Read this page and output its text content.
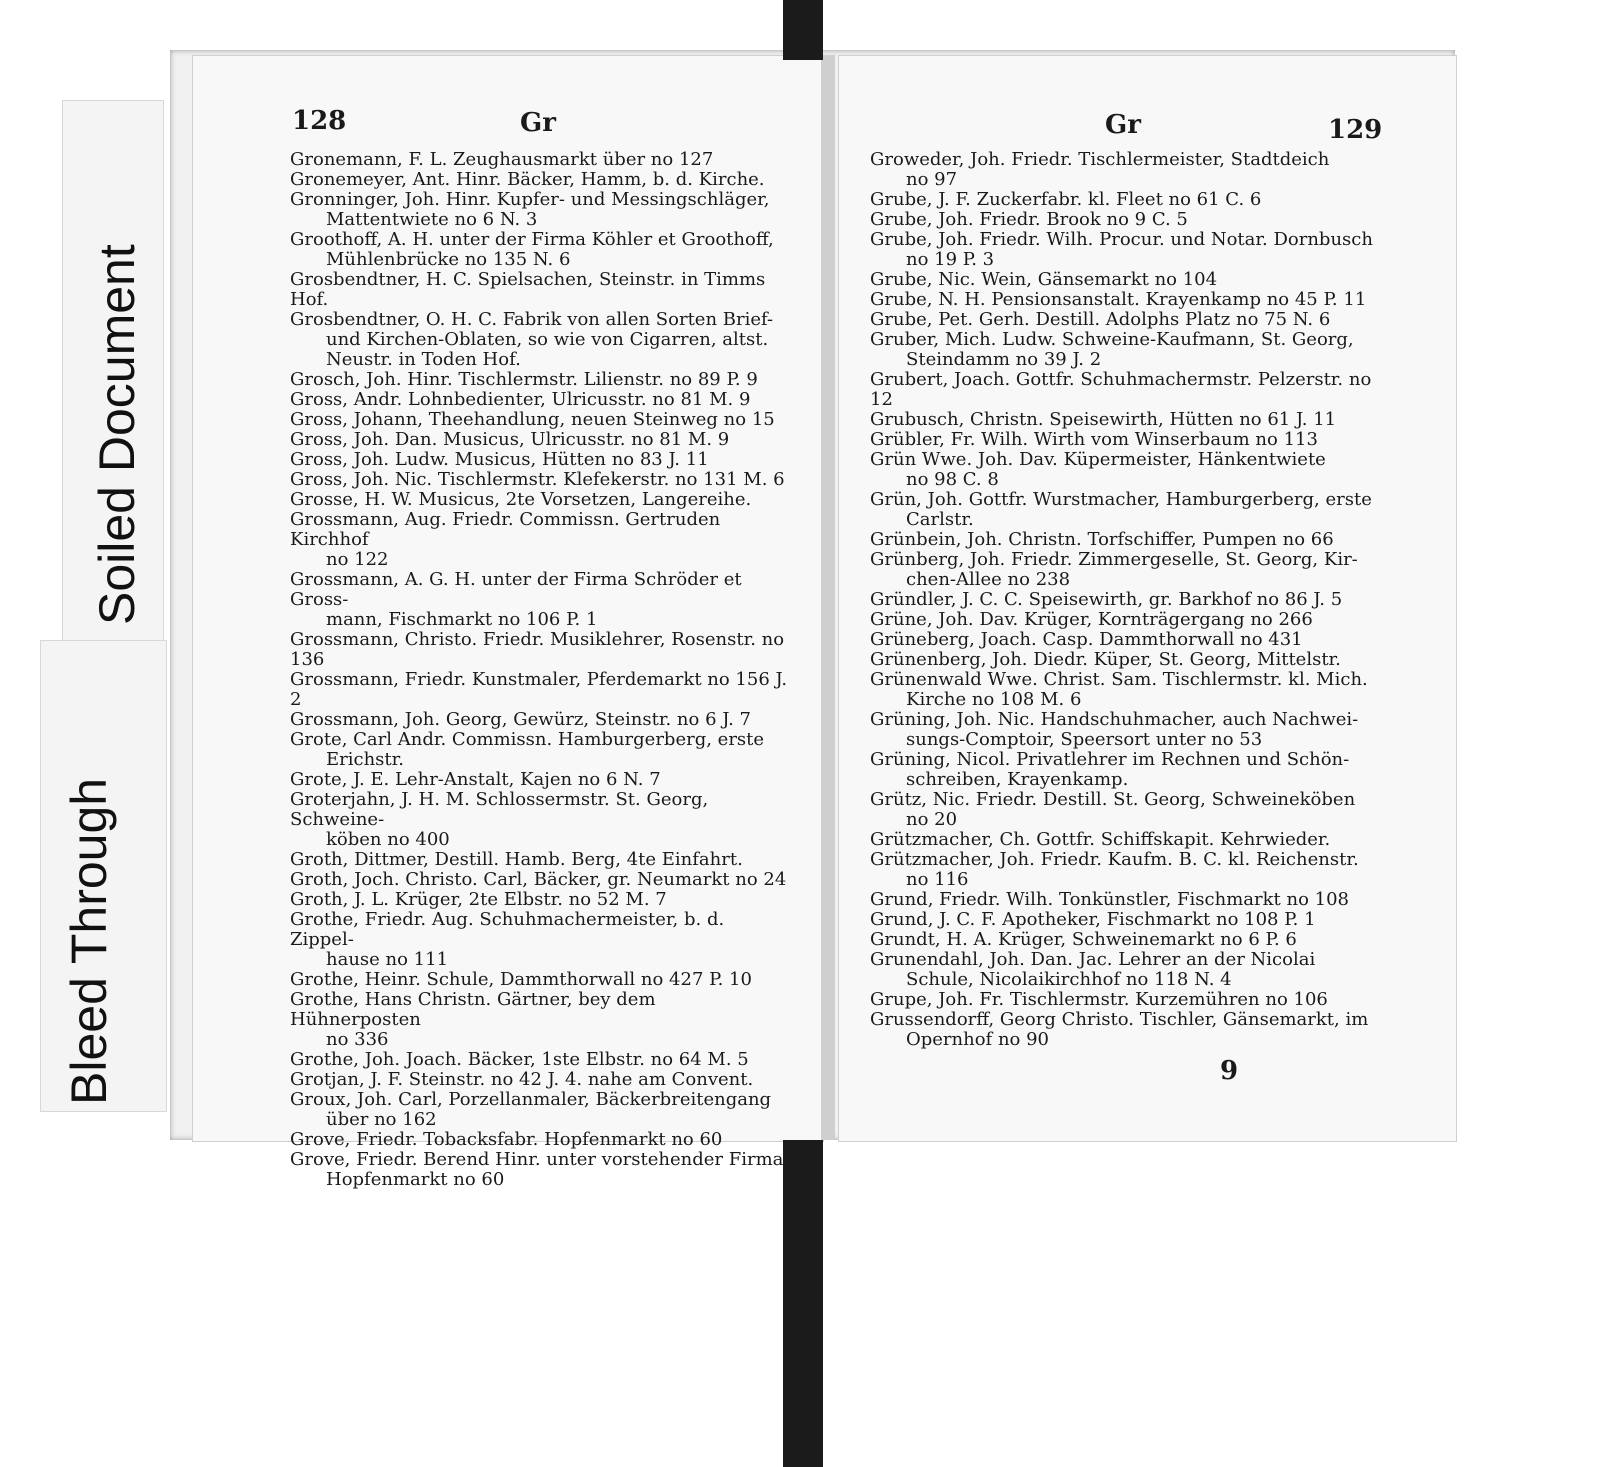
Bleed Through
Soiled Document
128	Gr	Gr	129

Gronemann, F. L. Zeughausmarkt über no 127

Gronemeyer, Ant. Hinr. Bäcker, Hamm, b. d. Kirche.

Gronninger, Joh. Hinr. Kupfer- und Messingschläger,
Mattentwiete no 6 N. 3

Groothoff, A. H. unter der Firma Köhler et Groothoff,
Mühlenbrücke no 135 N. 6

Grosbendtner, H. C. Spielsachen, Steinstr. in Timms Hof.

Grosbendtner, O. H. C. Fabrik von allen Sorten Brief-
und Kirchen-Oblaten, so wie von Cigarren, altst.
Neustr. in Toden Hof.

Grosch, Joh. Hinr. Tischlermstr. Lilienstr. no 89 P. 9

Gross, Andr. Lohnbedienter, Ulricusstr. no 81 M. 9

Gross, Johann, Theehandlung, neuen Steinweg no 15

Gross, Joh. Dan. Musicus, Ulricusstr. no 81 M. 9

Gross, Joh. Ludw. Musicus, Hütten no 83 J. 11

Gross, Joh. Nic. Tischlermstr. Klefekerstr. no 131 M. 6

Grosse, H. W. Musicus, 2te Vorsetzen, Langereihe.

Grossmann, Aug. Friedr. Commissn. Gertruden Kirchhof
no 122

Grossmann, A. G. H. unter der Firma Schröder et Gross-
mann, Fischmarkt no 106 P. 1

Grossmann, Christo. Friedr. Musiklehrer, Rosenstr. no 136

Grossmann, Friedr. Kunstmaler, Pferdemarkt no 156 J. 2

Grossmann, Joh. Georg, Gewürz, Steinstr. no 6 J. 7

Grote, Carl Andr. Commissn. Hamburgerberg, erste
Erichstr.

Grote, J. E. Lehr-Anstalt, Kajen no 6 N. 7

Groterjahn, J. H. M. Schlossermstr. St. Georg, Schweine-
köben no 400

Groth, Dittmer, Destill. Hamb. Berg, 4te Einfahrt.

Groth, Joch. Christo. Carl, Bäcker, gr. Neumarkt no 24

Groth, J. L. Krüger, 2te Elbstr. no 52 M. 7

Grothe, Friedr. Aug. Schuhmachermeister, b. d. Zippel-
hause no 111

Grothe, Heinr. Schule, Dammthorwall no 427 P. 10

Grothe, Hans Christn. Gärtner, bey dem Hühnerposten
no 336

Grothe, Joh. Joach. Bäcker, 1ste Elbstr. no 64 M. 5

Grotjan, J. F. Steinstr. no 42 J. 4. nahe am Convent.

Groux, Joh. Carl, Porzellanmaler, Bäckerbreitengang
über no 162

Grove, Friedr. Tobacksfabr. Hopfenmarkt no 60

Grove, Friedr. Berend Hinr. unter vorstehender Firma
Hopfenmarkt no 60

Groweder, Joh. Friedr. Tischlermeister, Stadtdeich
no 97

Grube, J. F. Zuckerfabr. kl. Fleet no 61 C. 6

Grube, Joh. Friedr. Brook no 9 C. 5

Grube, Joh. Friedr. Wilh. Procur. und Notar. Dornbusch
no 19 P. 3

Grube, Nic. Wein, Gänsemarkt no 104

Grube, N. H. Pensionsanstalt. Krayenkamp no 45 P. 11

Grube, Pet. Gerh. Destill. Adolphs Platz no 75 N. 6

Gruber, Mich. Ludw. Schweine-Kaufmann, St. Georg,
Steindamm no 39 J. 2

Grubert, Joach. Gottfr. Schuhmachermstr. Pelzerstr. no 12

Grubusch, Christn. Speisewirth, Hütten no 61 J. 11

Grübler, Fr. Wilh. Wirth vom Winserbaum no 113

Grün Wwe. Joh. Dav. Küpermeister, Hänkentwiete
no 98 C. 8

Grün, Joh. Gottfr. Wurstmacher, Hamburgerberg, erste
Carlstr.

Grünbein, Joh. Christn. Torfschiffer, Pumpen no 66

Grünberg, Joh. Friedr. Zimmergeselle, St. Georg, Kir-
chen-Allee no 238

Gründler, J. C. C. Speisewirth, gr. Barkhof no 86 J. 5

Grüne, Joh. Dav. Krüger, Kornträgergang no 266

Grüneberg, Joach. Casp. Dammthorwall no 431

Grünenberg, Joh. Diedr. Küper, St. Georg, Mittelstr.

Grünenwald Wwe. Christ. Sam. Tischlermstr. kl. Mich.
Kirche no 108 M. 6

Grüning, Joh. Nic. Handschuhmacher, auch Nachwei-
sungs-Comptoir, Speersort unter no 53

Grüning, Nicol. Privatlehrer im Rechnen und Schön-
schreiben, Krayenkamp.

Grütz, Nic. Friedr. Destill. St. Georg, Schweineköben
no 20

Grützmacher, Ch. Gottfr. Schiffskapit. Kehrwieder.

Grützmacher, Joh. Friedr. Kaufm. B. C. kl. Reichenstr.
no 116

Grund, Friedr. Wilh. Tonkünstler, Fischmarkt no 108

Grund, J. C. F. Apotheker, Fischmarkt no 108 P. 1

Grundt, H. A. Krüger, Schweinemarkt no 6 P. 6

Grunendahl, Joh. Dan. Jac. Lehrer an der Nicolai
Schule, Nicolaikirchhof no 118 N. 4

Grupe, Joh. Fr. Tischlermstr. Kurzemühren no 106

Grussendorff, Georg Christo. Tischler, Gänsemarkt, im
Opernhof no 90

9
